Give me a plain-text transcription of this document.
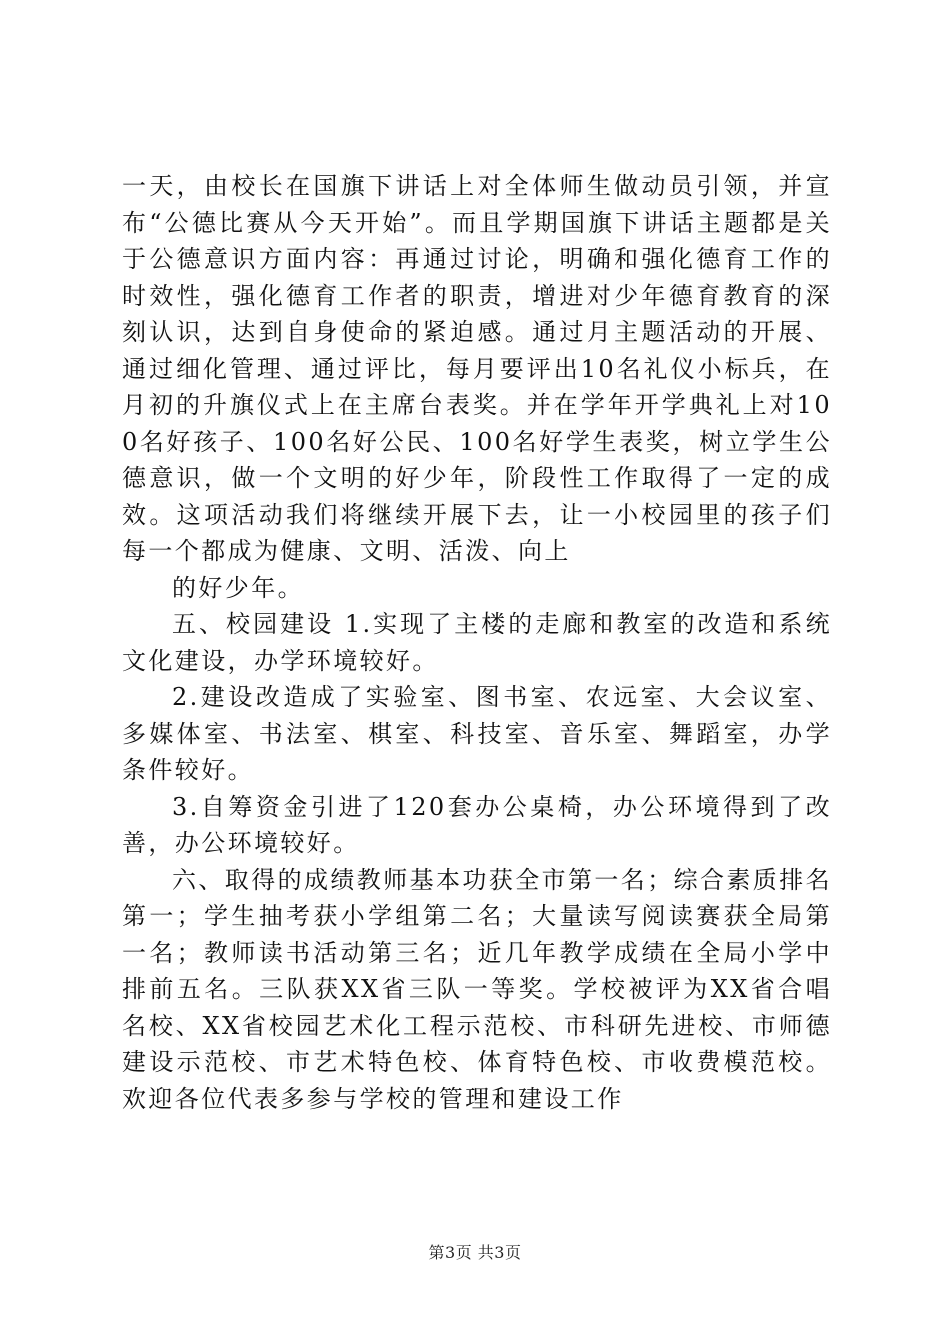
一天，由校长在国旗下讲话上对全体师生做动员引领，并宣布“公德比赛从今天开始”。而且学期国旗下讲话主题都是关于公德意识方面内容：再通过讨论，明确和强化德育工作的时效性，强化德育工作者的职责，增进对少年德育教育的深刻认识，达到自身使命的紧迫感。通过月主题活动的开展、通过细化管理、通过评比，每月要评出10名礼仪小标兵，在月初的升旗仪式上在主席台表奖。并在学年开学典礼上对100名好孩子、100名好公民、100名好学生表奖，树立学生公德意识，做一个文明的好少年，阶段性工作取得了一定的成效。这项活动我们将继续开展下去，让一小校园里的孩子们每一个都成为健康、文明、活泼、向上

的好少年。

五、校园建设 1.实现了主楼的走廊和教室的改造和系统文化建设，办学环境较好。

2.建设改造成了实验室、图书室、农远室、大会议室、多媒体室、书法室、棋室、科技室、音乐室、舞蹈室，办学条件较好。

3.自筹资金引进了120套办公桌椅，办公环境得到了改善，办公环境较好。

六、取得的成绩教师基本功获全市第一名；综合素质排名第一；学生抽考获小学组第二名；大量读写阅读赛获全局第一名；教师读书活动第三名；近几年教学成绩在全局小学中排前五名。三队获XX省三队一等奖。学校被评为XX省合唱名校、XX省校园艺术化工程示范校、市科研先进校、市师德建设示范校、市艺术特色校、体育特色校、市收费模范校。欢迎各位代表多参与学校的管理和建设工作

第3页 共3页
